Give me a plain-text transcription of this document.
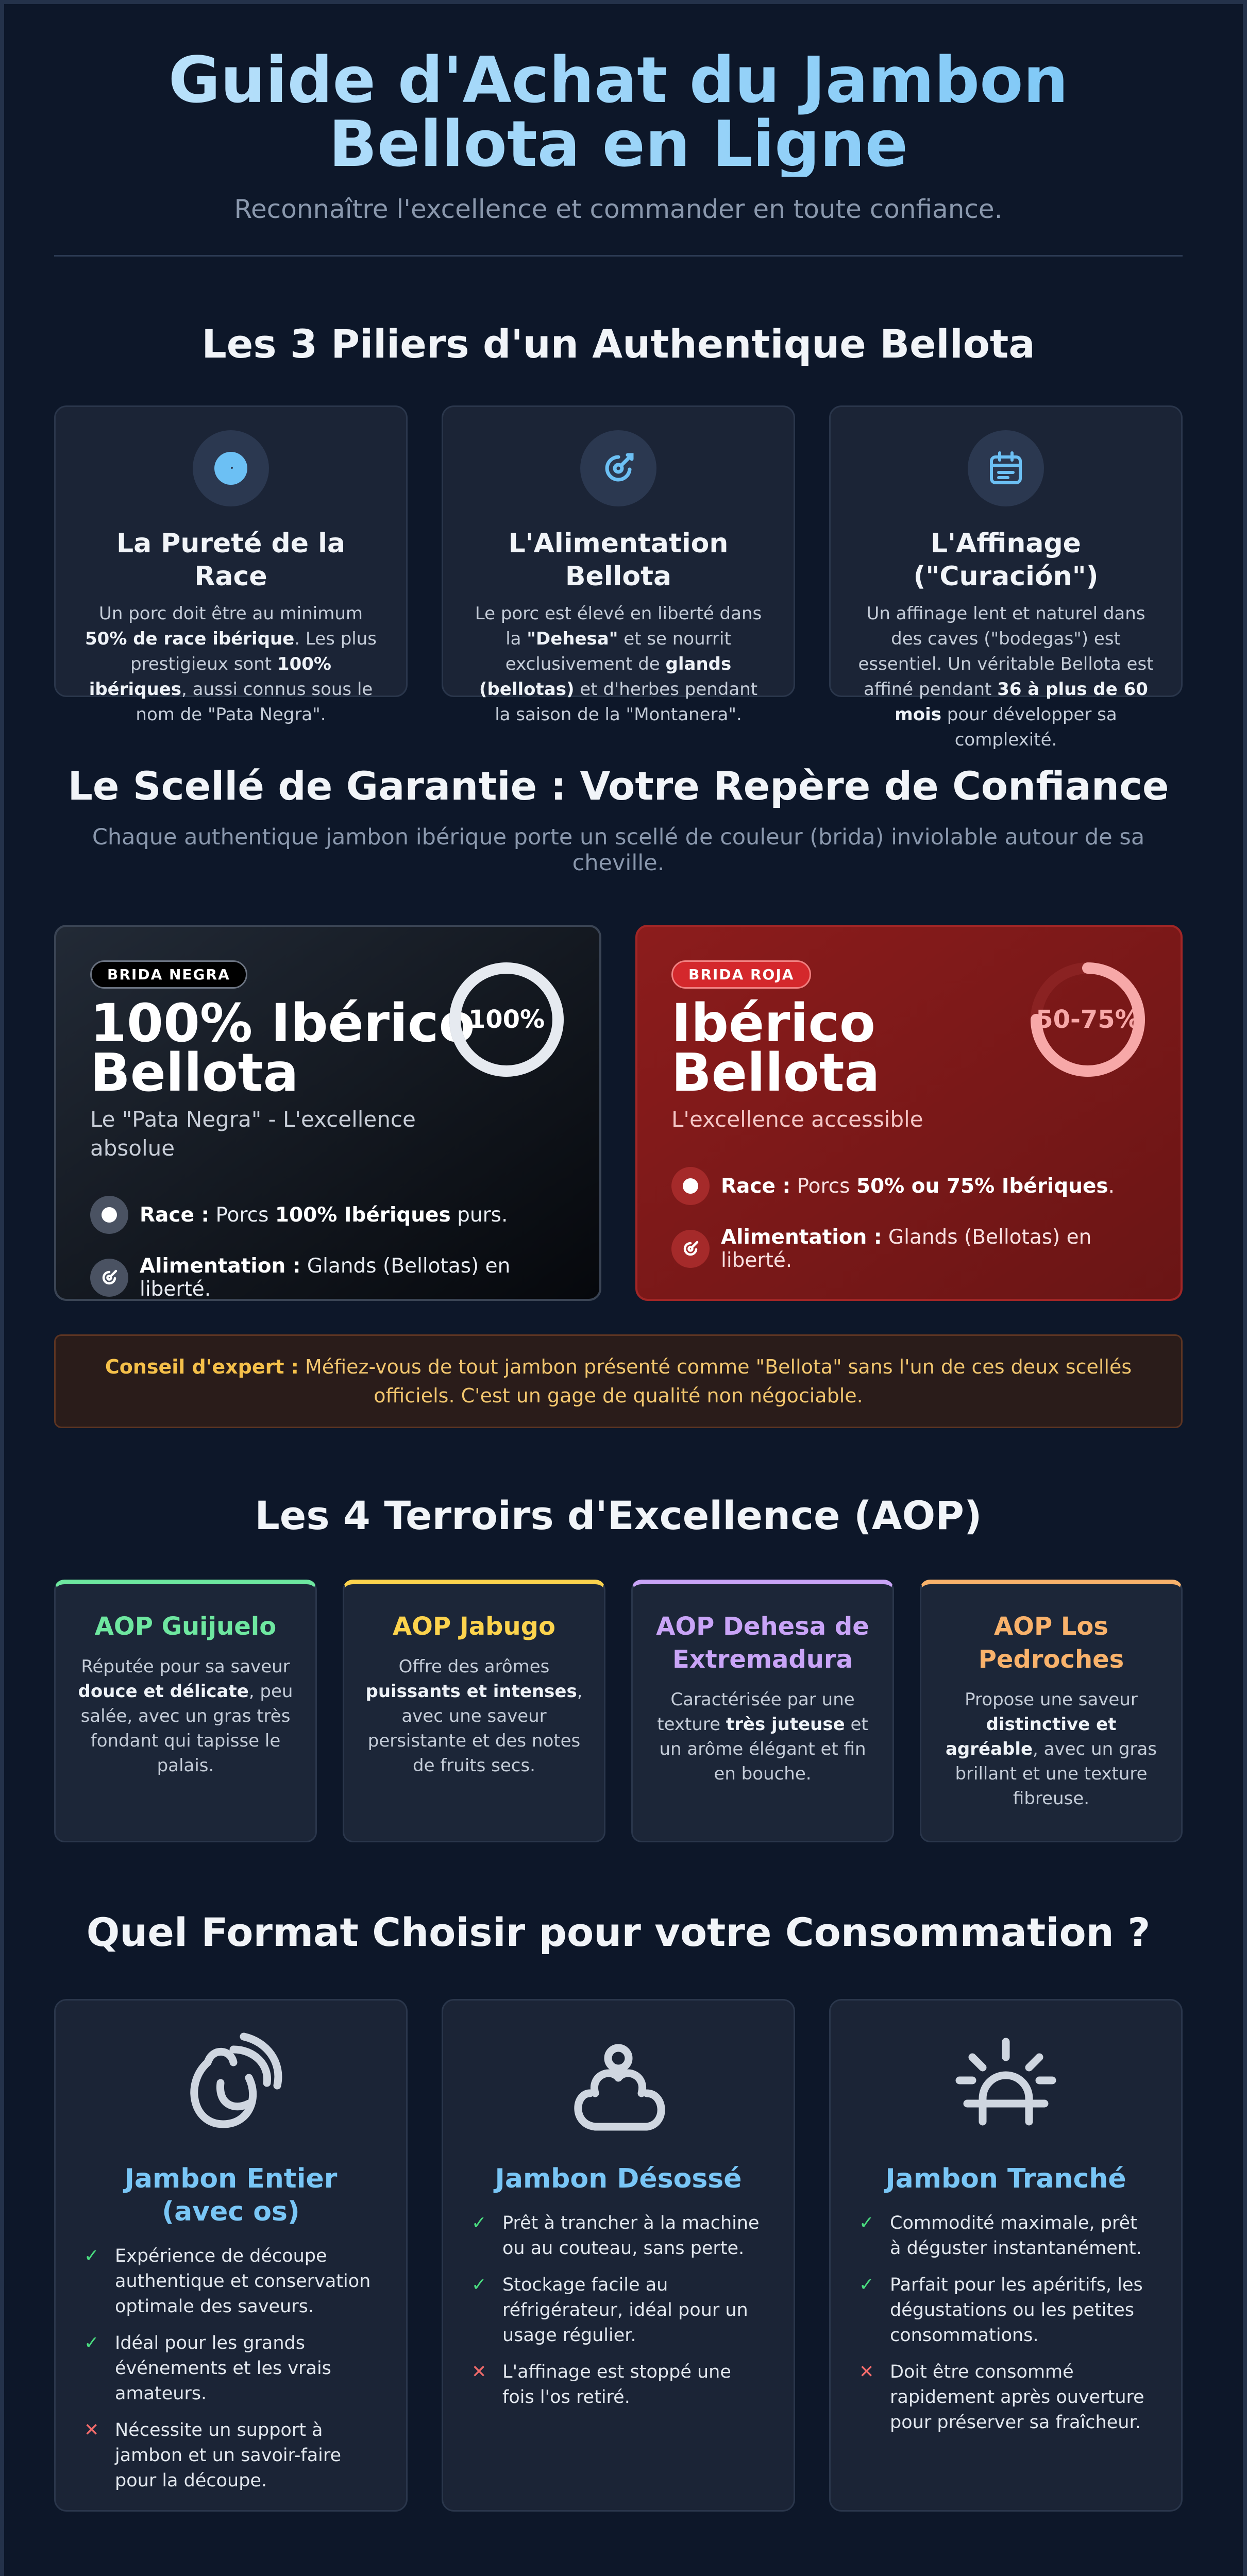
Guide d'Achat du Jambon
Bellota en Ligne
Reconnaître l'excellence et commander en toute confiance.
Les 3 Piliers d'un Authentique Bellota
La Pureté de la Race
Un porc doit être au minimum 50% de race ibérique. Les plus prestigieux sont 100% ibériques, aussi connus sous le nom de "Pata Negra".
L'Alimentation Bellota
Le porc est élevé en liberté dans la "Dehesa" et se nourrit exclusivement de glands (bellotas) et d'herbes pendant la saison de la "Montanera".
L'Affinage ("Curación")
Un affinage lent et naturel dans des caves ("bodegas") est essentiel. Un véritable Bellota est affiné pendant 36 à plus de 60 mois pour développer sa complexité.
Le Scellé de Garantie : Votre Repère de Confiance
Chaque authentique jambon ibérique porte un scellé de couleur (brida) inviolable autour de sa cheville.
BRIDA NEGRA
100% Ibérico
Bellota
Le "Pata Negra" - L'excellence absolue
100%
Race : Porcs 100% Ibériques purs.
Alimentation : Glands (Bellotas) en liberté.
BRIDA ROJA
Ibérico
Bellota
L'excellence accessible
50-75%
Race : Porcs 50% ou 75% Ibériques.
Alimentation : Glands (Bellotas) en liberté.
Conseil d'expert : Méfiez-vous de tout jambon présenté comme "Bellota" sans l'un de ces deux scellés officiels. C'est un gage de qualité non négociable.
Les 4 Terroirs d'Excellence (AOP)
AOP Guijuelo
Réputée pour sa saveur douce et délicate, peu salée, avec un gras très fondant qui tapisse le palais.
AOP Jabugo
Offre des arômes puissants et intenses, avec une saveur persistante et des notes de fruits secs.
AOP Dehesa de Extremadura
Caractérisée par une texture très juteuse et un arôme élégant et fin en bouche.
AOP Los Pedroches
Propose une saveur distinctive et agréable, avec un gras brillant et une texture fibreuse.
Quel Format Choisir pour votre Consommation ?
Jambon Entier (avec os)
✓ Expérience de découpe authentique et conservation optimale des saveurs.
✓ Idéal pour les grands événements et les vrais amateurs.
✕ Nécessite un support à jambon et un savoir-faire pour la découpe.
Jambon Désossé
✓ Prêt à trancher à la machine ou au couteau, sans perte.
✓ Stockage facile au réfrigérateur, idéal pour un usage régulier.
✕ L'affinage est stoppé une fois l'os retiré.
Jambon Tranché
✓ Commodité maximale, prêt à déguster instantanément.
✓ Parfait pour les apéritifs, les dégustations ou les petites consommations.
✕ Doit être consommé rapidement après ouverture pour préserver sa fraîcheur.
